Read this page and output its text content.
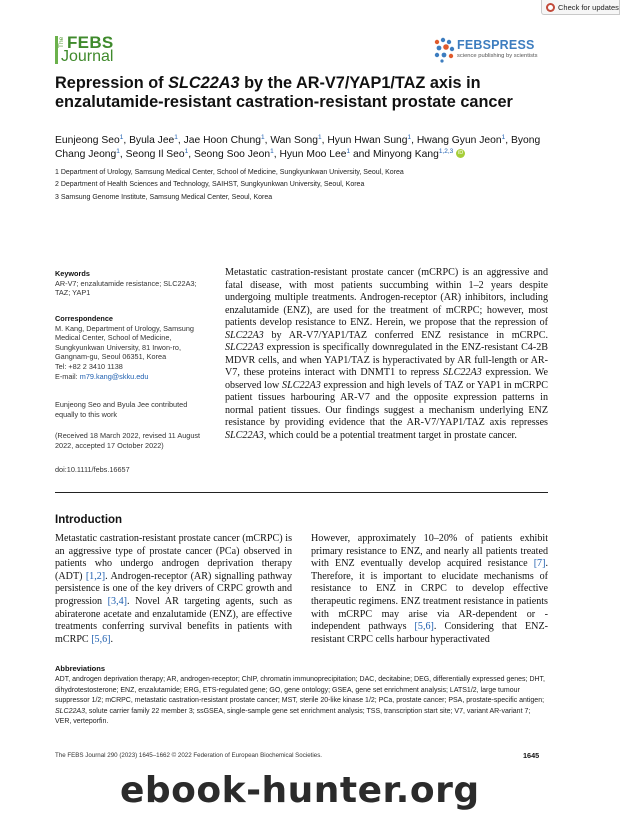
Check for updates
The FEBS
Journal
FEBSPRESS
science publishing by scientists
Repression of SLC22A3 by the AR-V7/YAP1/TAZ axis in enzalutamide-resistant castration-resistant prostate cancer
Eunjeong Seo$^1$, Byula Jee$^1$, Jae Hoon Chung$^1$, Wan Song$^1$, Hyun Hwan Sung$^1$, Hwang Gyun Jeon$^1$, Byong Chang Jeong$^1$, Seong Il Seo$^1$, Seong Soo Jeon$^1$, Hyun Moo Lee$^1$ and Minyong Kang$^{1,2,3}$ iD
1 Department of Urology, Samsung Medical Center, School of Medicine, Sungkyunkwan University, Seoul, Korea
2 Department of Health Sciences and Technology, SAIHST, Sungkyunkwan University, Seoul, Korea
3 Samsung Genome Institute, Samsung Medical Center, Seoul, Korea
Keywords
AR-V7; enzalutamide resistance; SLC22A3; TAZ; YAP1
Correspondence
M. Kang, Department of Urology, Samsung Medical Center, School of Medicine, Sungkyunkwan University, 81 Irwon-ro, Gangnam-gu, Seoul 06351, Korea
Tel: +82 2 3410 1138
E-mail: m79.kang@skku.edu
Eunjeong Seo and Byula Jee contributed equally to this work
(Received 18 March 2022, revised 11 August 2022, accepted 17 October 2022)
doi:10.1111/febs.16657
Metastatic castration-resistant prostate cancer (mCRPC) is an aggressive and fatal disease, with most patients succumbing within 1–2 years despite undergoing multiple treatments. Androgen-receptor (AR) inhibitors, including enzalutamide (ENZ), are used for the treatment of mCRPC; however, most patients develop resistance to ENZ. Herein, we propose that the repression of SLC22A3 by AR-V7/YAP1/TAZ conferred ENZ resistance in mCRPC. SLC22A3 expression is specifically downregulated in the ENZ-resistant C4-2B MDVR cells, and when YAP1/TAZ is hyperactivated by AR full-length or AR-V7, these proteins interact with DNMT1 to repress SLC22A3 expression. We observed low SLC22A3 expression and high levels of TAZ or YAP1 in mCRPC patient tissues harbouring AR-V7 and the opposite expression patterns in normal patient tissues. Our findings suggest a mechanism underlying ENZ resistance by providing evidence that the AR-V7/YAP1/TAZ axis represses SLC22A3, which could be a potential treatment target in prostate cancer.
Introduction
Metastatic castration-resistant prostate cancer (mCRPC) is an aggressive type of prostate cancer (PCa) observed in patients who undergo androgen deprivation therapy (ADT) [1,2]. Androgen-receptor (AR) signalling pathway persistence is one of the key drivers of CRPC growth and progression [3,4]. Novel AR targeting agents, such as abiraterone acetate and enzalutamide (ENZ), are effective treatments conferring survival benefits in patients with mCRPC [5,6].
However, approximately 10–20% of patients exhibit primary resistance to ENZ, and nearly all patients treated with ENZ eventually develop acquired resistance [7]. Therefore, it is important to elucidate mechanisms of resistance to ENZ in CRPC to develop effective therapeutic regimens. ENZ treatment resistance in patients with mCRPC may arise via AR-dependent or -independent pathways [5,6]. Considering that ENZ-resistant CRPC cells harbour hyperactivated
Abbreviations
ADT, androgen deprivation therapy; AR, androgen-receptor; ChIP, chromatin immunoprecipitation; DAC, decitabine; DEG, differentially expressed genes; DHT, dihydrotestosterone; ENZ, enzalutamide; ERG, ETS-regulated gene; GO, gene ontology; GSEA, gene set enrichment analysis; LATS1/2, large tumour suppressor 1/2; mCRPC, metastatic castration-resistant prostate cancer; MST, sterile 20-like kinase 1/2; PCa, prostate cancer; PSA, prostate-specific antigen; SLC22A3, solute carrier family 22 member 3; ssGSEA, single-sample gene set enrichment analysis; TSS, transcription start site; V7, variant AR-variant 7; VER, verteporfin.
The FEBS Journal 290 (2023) 1645–1662 © 2022 Federation of European Biochemical Societies.	1645
ebook-hunter.org
